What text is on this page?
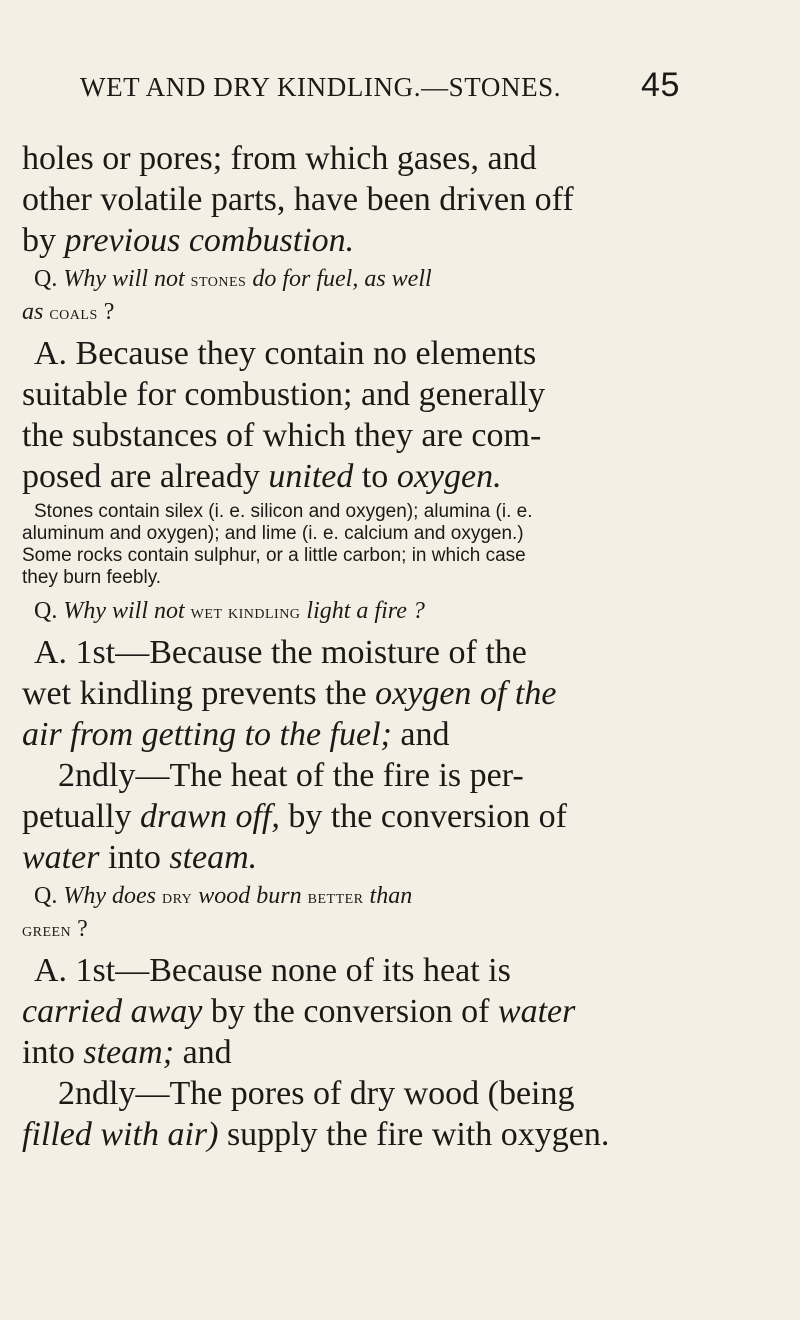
WET AND DRY KINDLING.—STONES. 45

holes or pores; from which gases, and
other volatile parts, have been driven off
by previous combustion.

Q. Why will not stones do for fuel, as well
as coals ?

A. Because they contain no elements
suitable for combustion; and generally
the substances of which they are com-
posed are already united to oxygen.

Stones contain silex (i. e. silicon and oxygen); alumina (i. e.
aluminum and oxygen); and lime (i. e. calcium and oxygen.)
Some rocks contain sulphur, or a little carbon; in which case
they burn feebly.

Q. Why will not wet kindling light a fire ?

A. 1st—Because the moisture of the
wet kindling prevents the oxygen of the
air from getting to the fuel; and
2ndly—The heat of the fire is per-
petually drawn off, by the conversion of
water into steam.

Q. Why does dry wood burn better than
green ?

A. 1st—Because none of its heat is
carried away by the conversion of water
into steam; and
2ndly—The pores of dry wood (being
filled with air) supply the fire with oxygen.
